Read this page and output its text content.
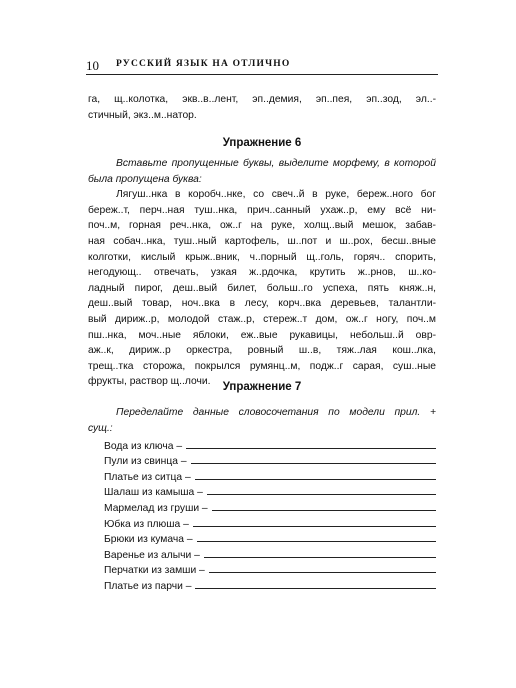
10 РУССКИЙ ЯЗЫК НА ОТЛИЧНО
га, щ..колотка, экв..в..лент, эп..демия, эп..пея, эп..зод, эл..-
стичный, экз..м..натор.
Упражнение 6
Вставьте пропущенные буквы, выделите морфему, в которой
была пропущена буква:
Лягуш..нка в коробч..нке, со свеч..й в руке, береж..ного бог
береж..т, перч..ная туш..нка, прич..санный ухаж..р, ему всё ни-
поч..м, горная реч..нка, ож..г на руке, холщ..вый мешок, забав-
ная собач..нка, туш..ный картофель, ш..пот и ш..рох, бесш..вные
колготки, кислый крыж..вник, ч..порный щ..голь, горяч.. спорить,
негодующ.. отвечать, узкая ж..рдочка, крутить ж..рнов, ш..ко-
ладный пирог, деш..вый билет, больш..го успеха, пять княж..н,
деш..вый товар, ноч..вка в лесу, корч..вка деревьев, талантли-
вый дириж..р, молодой стаж..р, стереж..т дом, ож..г ногу, поч..м
пш..нка, моч..ные яблоки, еж..вые рукавицы, небольш..й овр-
аж..к, дириж..р оркестра, ровный ш..в, тяж..лая кош..лка,
трещ..тка сторожа, покрылся румянц..м, подж..г сарая, суш..ные
фрукты, раствор щ..лочи.	Упражнение 7
Переделайте данные словосочетания по модели прил. +
сущ.:
Вода из ключа –
Пули из свинца –
Платье из ситца –
Шалаш из камыша –
Мармелад из груши –
Юбка из плюша –
Брюки из кумача –
Варенье из алычи –
Перчатки из замши –
Платье из парчи –
